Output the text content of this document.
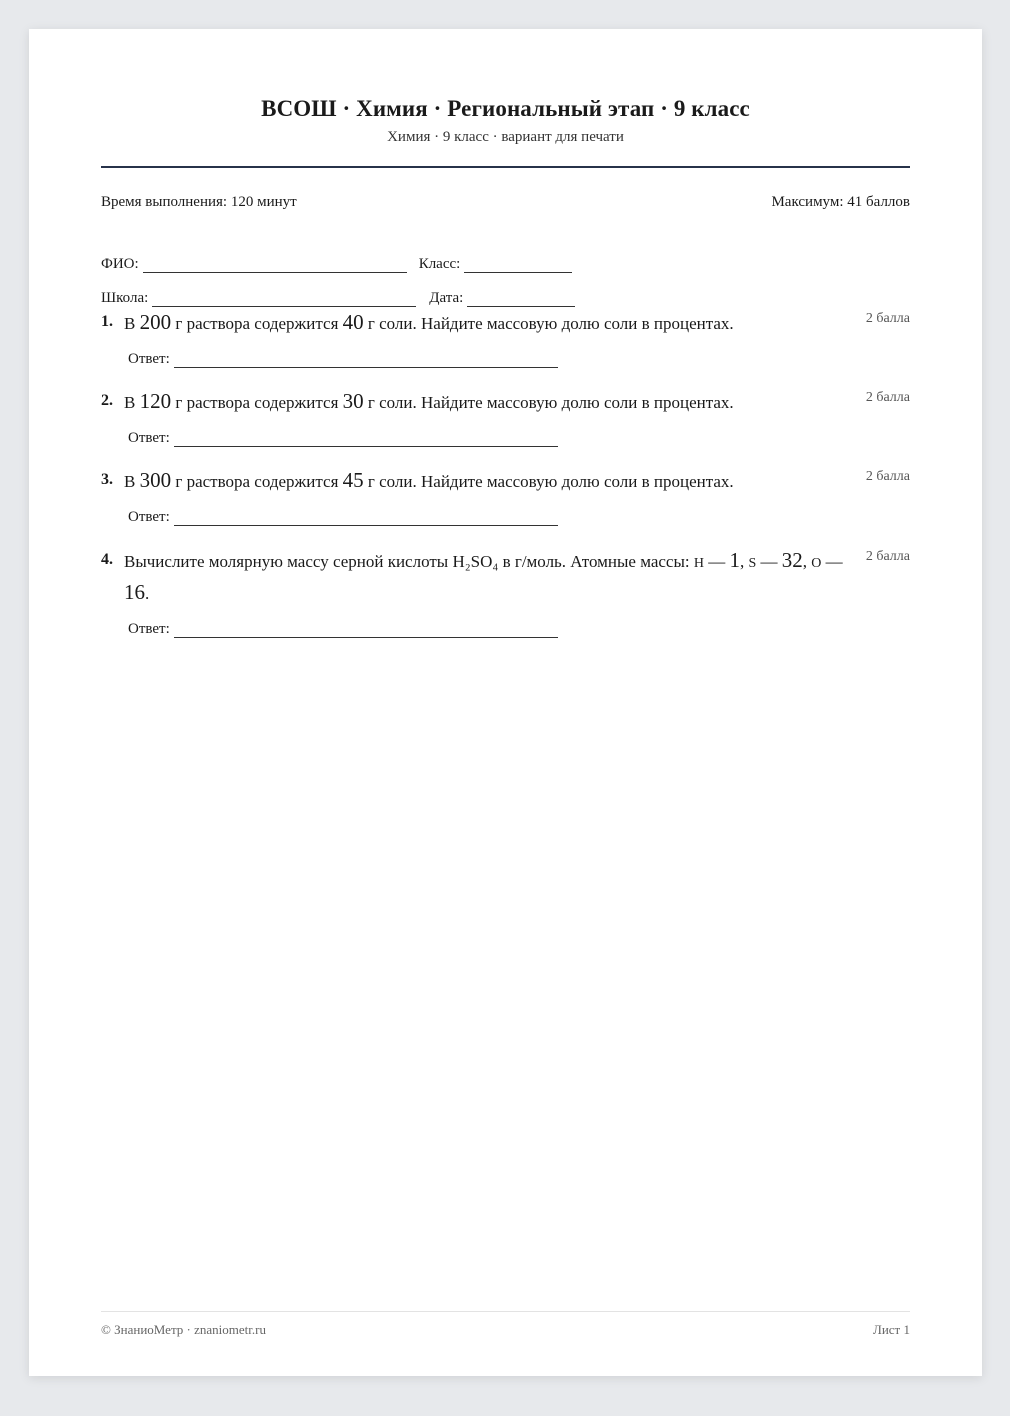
ВСОШ · Химия · Региональный этап · 9 класс
Химия · 9 класс · вариант для печати
Время выполнения: 120 минут	Максимум: 41 баллов
ФИО:	Класс:
Школа:	Дата:
1. В 200 г раствора содержится 40 г соли. Найдите массовую долю соли в процентах.	2 балла
Ответ:
2. В 120 г раствора содержится 30 г соли. Найдите массовую долю соли в процентах.	2 балла
Ответ:
3. В 300 г раствора содержится 45 г соли. Найдите массовую долю соли в процентах.	2 балла
Ответ:
4. Вычислите молярную массу серной кислоты H₂SO₄ в г/моль. Атомные массы: H — 1, S — 32, O — 16.
2 балла
Ответ:
© ЗнаниоМетр · znaniometr.ru	Лист 1
